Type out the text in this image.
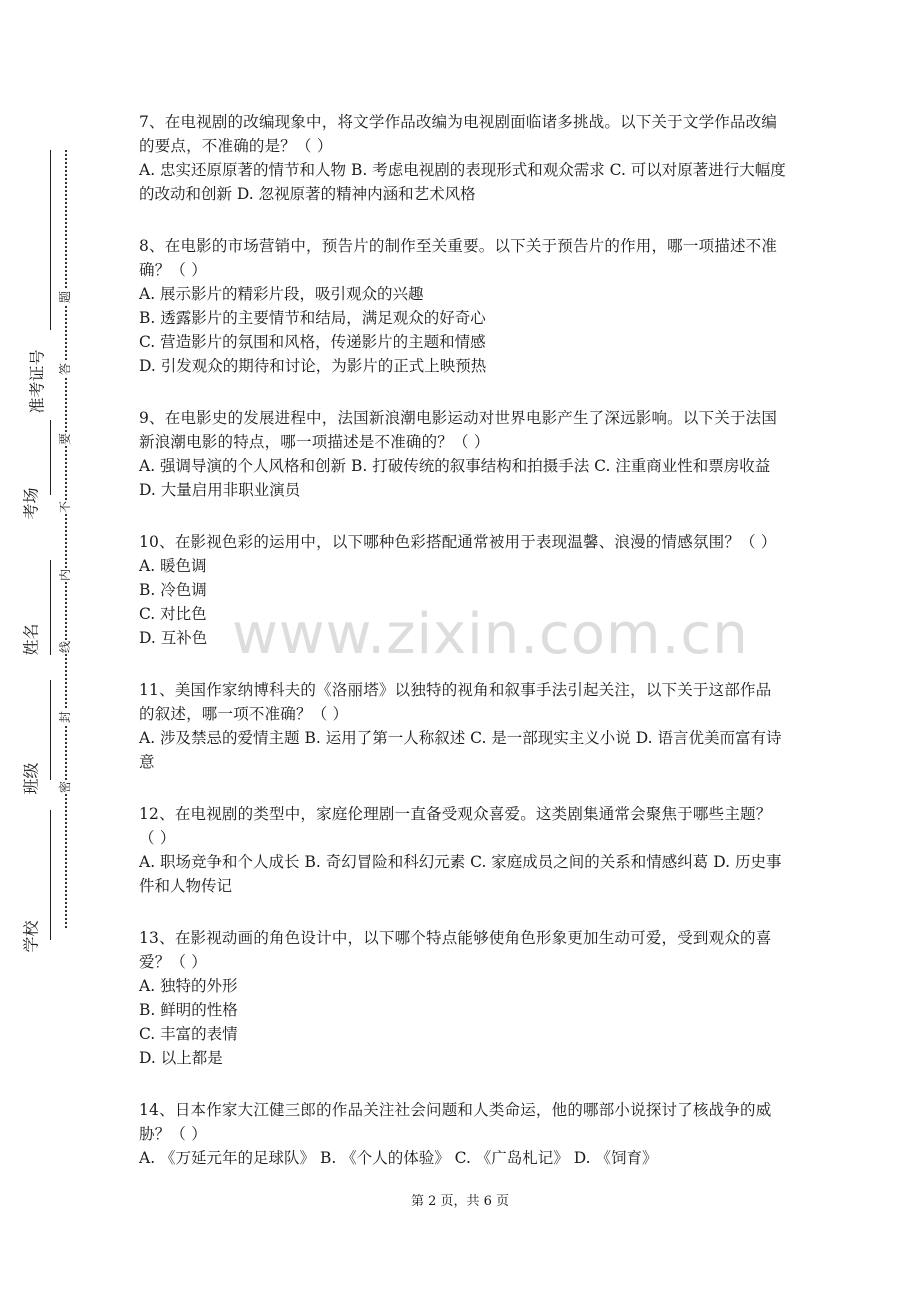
准考证号
考场
姓名
班级
学校
题
答
要
不
内
线
封
密
www.zixin.com.cn

7、在电视剧的改编现象中，将文学作品改编为电视剧面临诸多挑战。以下关于文学作品改编的要点，不准确的是？（ ）

A. 忠实还原原著的情节和人物 B. 考虑电视剧的表现形式和观众需求 C. 可以对原著进行大幅度的改动和创新 D. 忽视原著的精神内涵和艺术风格

8、在电影的市场营销中，预告片的制作至关重要。以下关于预告片的作用，哪一项描述不准确？（ ）

A. 展示影片的精彩片段，吸引观众的兴趣

B. 透露影片的主要情节和结局，满足观众的好奇心

C. 营造影片的氛围和风格，传递影片的主题和情感

D. 引发观众的期待和讨论，为影片的正式上映预热

9、在电影史的发展进程中，法国新浪潮电影运动对世界电影产生了深远影响。以下关于法国新浪潮电影的特点，哪一项描述是不准确的？（ ）

A. 强调导演的个人风格和创新 B. 打破传统的叙事结构和拍摄手法 C. 注重商业性和票房收益 D. 大量启用非职业演员

10、在影视色彩的运用中，以下哪种色彩搭配通常被用于表现温馨、浪漫的情感氛围？（ ）

A. 暖色调

B. 冷色调

C. 对比色

D. 互补色

11、美国作家纳博科夫的《洛丽塔》以独特的视角和叙事手法引起关注，以下关于这部作品的叙述，哪一项不准确？（ ）

A. 涉及禁忌的爱情主题 B. 运用了第一人称叙述 C. 是一部现实主义小说 D. 语言优美而富有诗意

12、在电视剧的类型中，家庭伦理剧一直备受观众喜爱。这类剧集通常会聚焦于哪些主题？（ ）

A. 职场竞争和个人成长 B. 奇幻冒险和科幻元素 C. 家庭成员之间的关系和情感纠葛 D. 历史事件和人物传记

13、在影视动画的角色设计中，以下哪个特点能够使角色形象更加生动可爱，受到观众的喜爱？（ ）

A. 独特的外形

B. 鲜明的性格

C. 丰富的表情

D. 以上都是

14、日本作家大江健三郎的作品关注社会问题和人类命运，他的哪部小说探讨了核战争的威胁？（ ）

A. 《万延元年的足球队》 B. 《个人的体验》 C. 《广岛札记》 D. 《饲育》

第 2 页，共 6 页
